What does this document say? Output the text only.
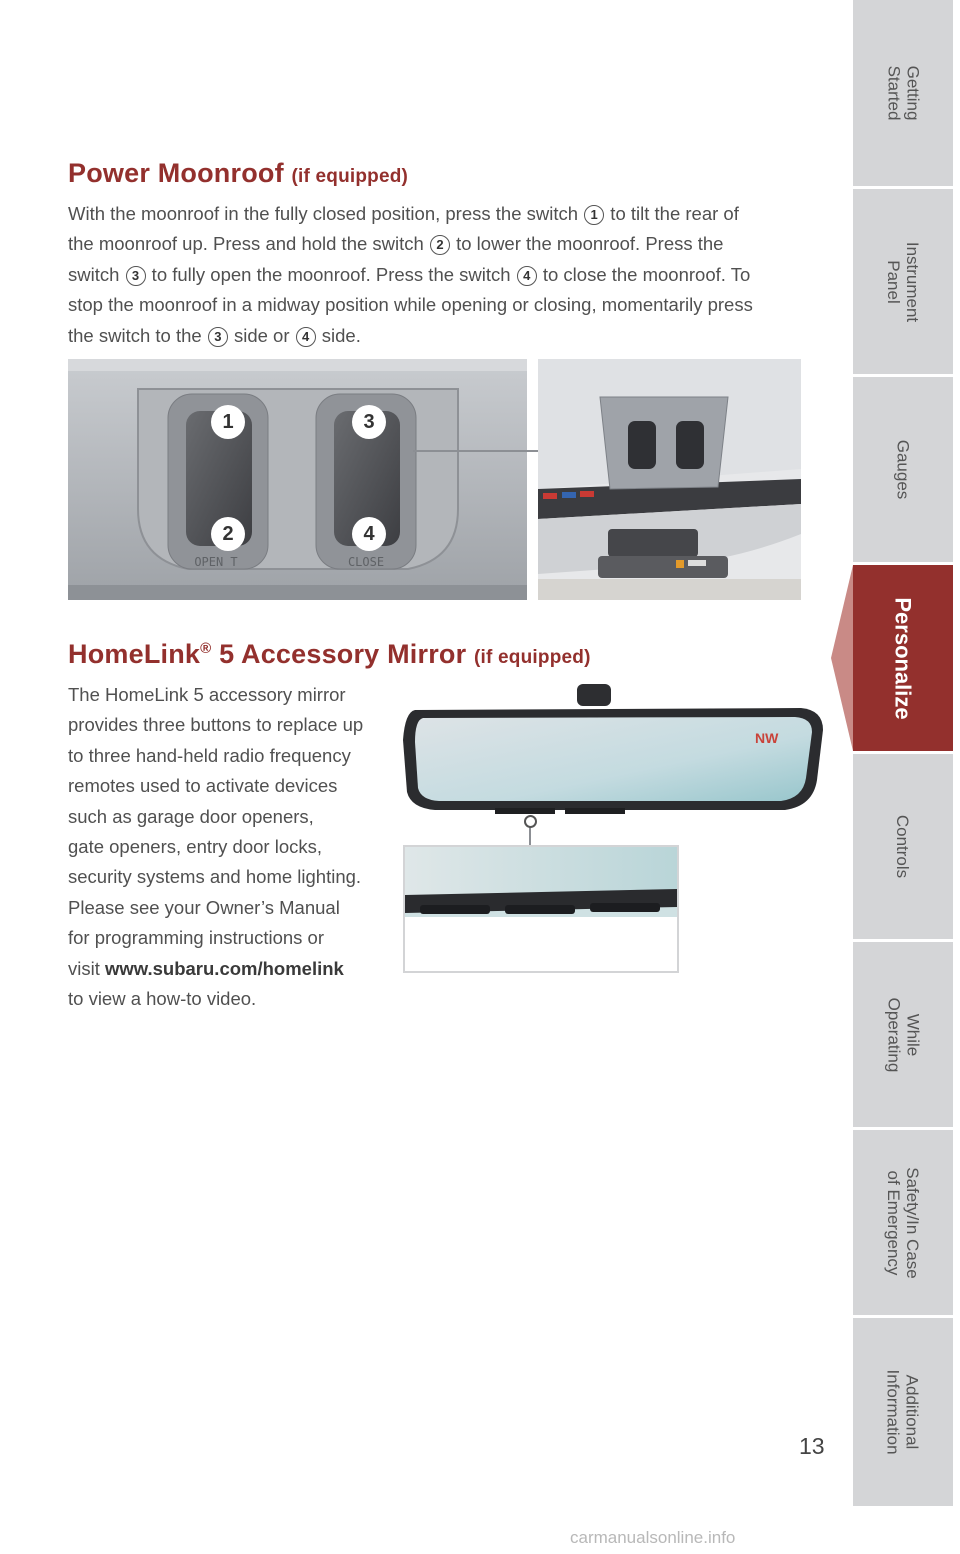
Power Moonroof (if equipped)
With the moonroof in the fully closed position, press the switch 1 to tilt the rear of
the moonroof up. Press and hold the switch 2 to lower the moonroof. Press the
switch 3 to fully open the moonroof. Press the switch 4 to close the moonroof. To
stop the moonroof in a midway position while opening or closing, momentarily press
the switch to the 3 side or 4 side.
OPEN T	CLOSE
1	3
2	4
HomeLink® 5 Accessory Mirror (if equipped)
The HomeLink 5 accessory mirror
provides three buttons to replace up
to three hand-held radio frequency
remotes used to activate devices
such as garage door openers,
gate openers, entry door locks,
security systems and home lighting.
Please see your Owner’s Manual
for programming instructions or
visit www.subaru.com/homelink
to view a how-to video.
NW
Getting
Started
Instrument
Panel
Gauges
Personalize
Controls
While
Operating
Safety/In Case
of Emergency
Additional
Information
13
carmanualsonline.info
